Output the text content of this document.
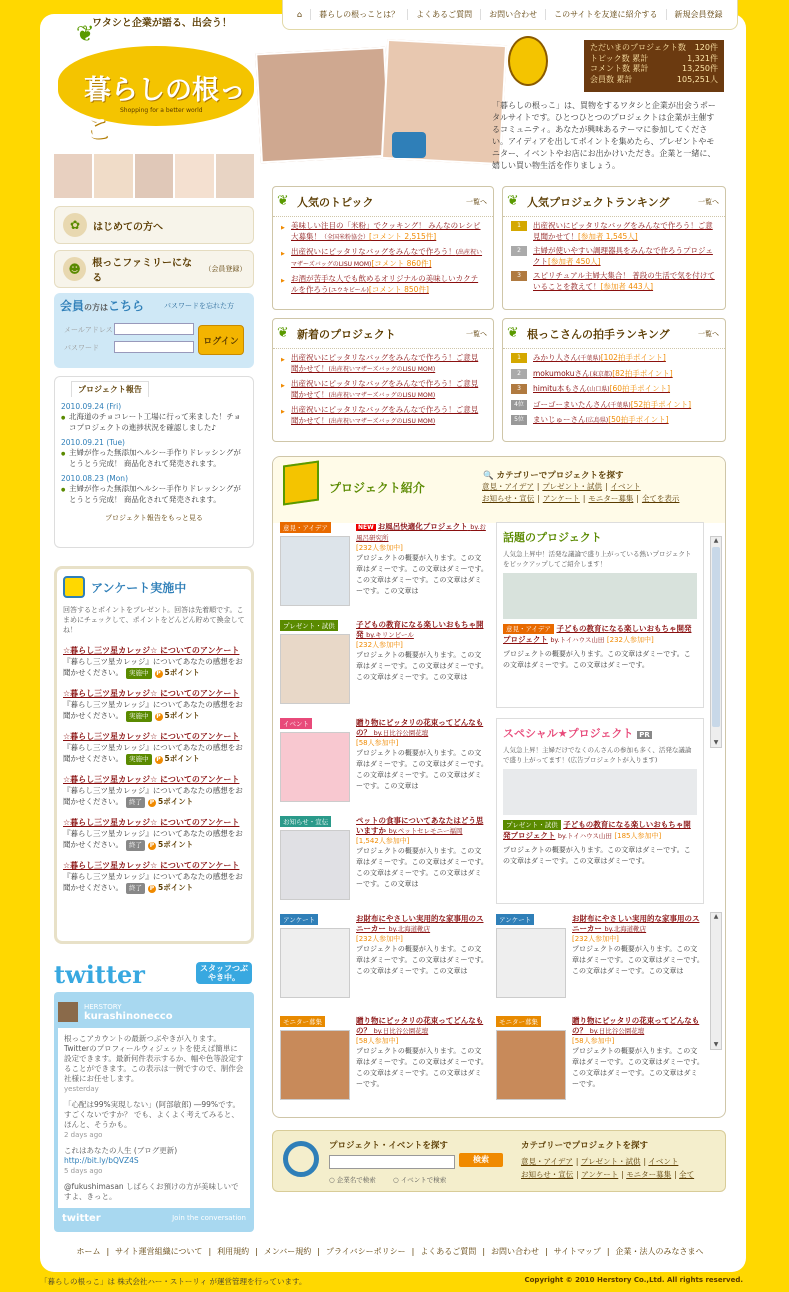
⌂	暮らしの根っことは？	よくあるご質問	お問い合わせ	このサイトを友達に紹介する	新規会員登録
❦
ワタシと企業が語る、出会う！
暮らしの根っこ
Shopping for a better world
ただいまのプロジェクト数 120件
トピック数 累計	1,321件
コメント数 累計	13,250件
会員数 累計	105,251人
「暮らしの根っこ」は、買物をするワタシと企業が出会うポータルサイトです。ひとつひとつのプロジェクトは企業が主催するコミュニティ。あなたが興味あるテーマに参加してください。アイディアを出してポイントを集めたら、プレゼントやモニター、イベントやお店にお出かけいただき。企業と一緒に、嬉しい買い物生活を作りましょう。
✿	はじめての方へ
☻	根っこファミリーになる
（会員登録）
会員の方はこちら	パスワードを忘れた方
メールアドレス
パスワード
ログイン
プロジェクト報告
2010.09.24 (Fri)
● 北海道のチョコレート工場に行って来ました！チョコプロジェクトの進捗状況を確認しました♪
2010.09.21 (Tue)
● 主婦が作った無添加ヘルシー手作りドレッシングがとうとう完成！ 商品化されて発売されます。
2010.08.23 (Mon)
● 主婦が作った無添加ヘルシー手作りドレッシングがとうとう完成！ 商品化されて発売されます。
プロジェクト報告をもっと見る
アンケート実施中
回答するとポイントをプレゼント。回答は先着順です。こまめにチェックして、ポイントをどんどん貯めて換金してね！
☆暮らし三ツ星カレッジ☆ についてのアンケート
『暮らし三ツ星カレッジ』についてあなたの感想をお聞かせください。 実施中 P 5ポイント
☆暮らし三ツ星カレッジ☆ についてのアンケート
『暮らし三ツ星カレッジ』についてあなたの感想をお聞かせください。 実施中 P 5ポイント
☆暮らし三ツ星カレッジ☆ についてのアンケート
『暮らし三ツ星カレッジ』についてあなたの感想をお聞かせください。 実施中 P 5ポイント
☆暮らし三ツ星カレッジ☆ についてのアンケート
『暮らし三ツ星カレッジ』についてあなたの感想をお聞かせください。 終了 P 5ポイント
☆暮らし三ツ星カレッジ☆ についてのアンケート
『暮らし三ツ星カレッジ』についてあなたの感想をお聞かせください。 終了 P 5ポイント
☆暮らし三ツ星カレッジ☆ についてのアンケート
『暮らし三ツ星カレッジ』についてあなたの感想をお聞かせください。 終了 P 5ポイント
twitter	スタッフつぶやき中。
HERSTORY
kurashinonecco
根っこアカウントの最新つぶやきが入ります。Twitterのプロフィールウィジェットを使えば簡単に設定できます。最新何件表示するか、幅や色等設定することができます。この表示は一例ですので、制作会社様にお任せします。
yesterday
「心配は99%実現しない」(阿部敏郎) ―99%です。すごくないですか？ でも、よくよく考えてみると、ほんと、そうかも。
2 days ago
これはあなたの人生 (ブログ更新)
http://bit.ly/bQVZ4S
5 days ago
@fukushimasan しばらくお預けの方が美味しいですよ、きっと。
twitter	Join the conversation
❦ 人気のトピック	一覧へ
▶ 美味しい注目の「米粉」でクッキング！ みんなのレシピ大募集！（全国米粉協会）[コメント 2,515件]
▶ 出産祝いにピッタリなバッグをみんなで作ろう！(出産祝いマザーズバッグのLISU MOM)[コメント 860件]
▶ お酒が苦手な人でも飲めるオリジナルの美味しいカクテルを作ろう(ユウキビール)[コメント 850件]
❦ 人気プロジェクトランキング	一覧へ
1	出産祝いにピッタリなバッグをみんなで作ろう！ご意見聞かせて！[参加者 1,545人]
2	主婦が使いやすい調理器具をみんなで作ろうプロジェクト[参加者 450人]
3	スピリチュアル主婦大集合！ 普段の生活で気を付けていることを教えて！[参加者 443人]
❦ 新着のプロジェクト	一覧へ
▶ 出産祝いにピッタリなバッグをみんなで作ろう！ご意見聞かせて！(出産祝いマザーズバッグのLISU MOM)
▶ 出産祝いにピッタリなバッグをみんなで作ろう！ご意見聞かせて！(出産祝いマザーズバッグのLISU MOM)
▶ 出産祝いにピッタリなバッグをみんなで作ろう！ご意見聞かせて！(出産祝いマザーズバッグのLISU MOM)
❦ 根っこさんの拍手ランキング	一覧へ
1	みかり人さん(千葉県)[102拍手ポイント]
2	mokumokuさん(東京都)[82拍手ポイント]
3	himitu本もさん(山口県)[60拍手ポイント]
4位	ゴーゴーまいたんさん(千葉県)[52拍手ポイント]
5位	まいじゅーさん(広島県)[50拍手ポイント]
プロジェクト紹介
🔍 カテゴリーでプロジェクトを探す
意見・アイデア | プレゼント・試供 | イベント
お知らせ・宣伝 | アンケート | モニター募集 | 全てを表示
意見・アイデア	NEW お風呂快適化プロジェクト by.お風呂研究所
[232人参加中]
プロジェクトの概要が入ります。この文章はダミーです。この文章はダミーです。この文章はダミーです。この文章はダミーです。この文章は
プレゼント・試供	子どもの教育になる楽しいおもちゃ開発 by.キリンビール
[232人参加中]
プロジェクトの概要が入ります。この文章はダミーです。この文章はダミーです。この文章はダミーです。この文章は
イベント	贈り物にピッタリの花束ってどんなもの？ by.日比谷公園花壇
[58人参加中]
プロジェクトの概要が入ります。この文章はダミーです。この文章はダミーです。この文章はダミーです。この文章はダミーです。この文章は
お知らせ・宣伝	ペットの食事についてあなたはどう思いますか by.ペットセレモニー福岡
[1,542人参加中]
プロジェクトの概要が入ります。この文章はダミーです。この文章はダミーです。この文章はダミーです。この文章はダミーです。この文章は
アンケート	お財布にやさしい実用的な家事用のスニーカー by.北海道靴店
[232人参加中]
プロジェクトの概要が入ります。この文章はダミーです。この文章はダミーです。この文章はダミーです。この文章は
アンケート	お財布にやさしい実用的な家事用のスニーカー by.北海道靴店
[232人参加中]
プロジェクトの概要が入ります。この文章はダミーです。この文章はダミーです。この文章はダミーです。この文章は
モニター募集	贈り物にピッタリの花束ってどんなもの？ by.日比谷公園花壇
[58人参加中]
プロジェクトの概要が入ります。この文章はダミーです。この文章はダミーです。この文章はダミーです。この文章はダミーです。
モニター募集	贈り物にピッタリの花束ってどんなもの？ by.日比谷公園花壇
[58人参加中]
プロジェクトの概要が入ります。この文章はダミーです。この文章はダミーです。この文章はダミーです。この文章はダミーです。
話題のプロジェクト
人気急上昇中！活発な議論で盛り上がっている熱いプロジェクトをピックアップしてご紹介します！
意見・アイデア 子どもの教育になる楽しいおもちゃ開発プロジェクト by.トイハウス山田 [232人参加中]
プロジェクトの概要が入ります。この文章はダミーです。この文章はダミーです。この文章はダミーです。
スペシャル★プロジェクト PR
人気急上昇！主婦だけでなくのんさんの参加も多く、活発な議論で盛り上がってます！(広告プロジェクトが入ります)
プレゼント・試供 子どもの教育になる楽しいおもちゃ開発プロジェクト by.トイハウス山田 [185人参加中]
プロジェクトの概要が入ります。この文章はダミーです。この文章はダミーです。この文章はダミーです。
▲
▼
▲
▼
プロジェクト・イベントを探す
検索
○ 企業名で検索	○ イベントで検索
カテゴリーでプロジェクトを探す
意見・アイデア | プレゼント・試供 | イベント
お知らせ・宣伝 | アンケート | モニター募集 | 全て
ホーム | サイト運営組織について | 利用規約 | メンバー規約 | プライバシーポリシー | よくあるご質問 | お問い合わせ | サイトマップ | 企業・法人のみなさまへ
「暮らしの根っこ」は 株式会社ハー・ストーリィ が運営管理を行っています。	Copyright © 2010 Herstory Co.,Ltd. All rights reserved.
